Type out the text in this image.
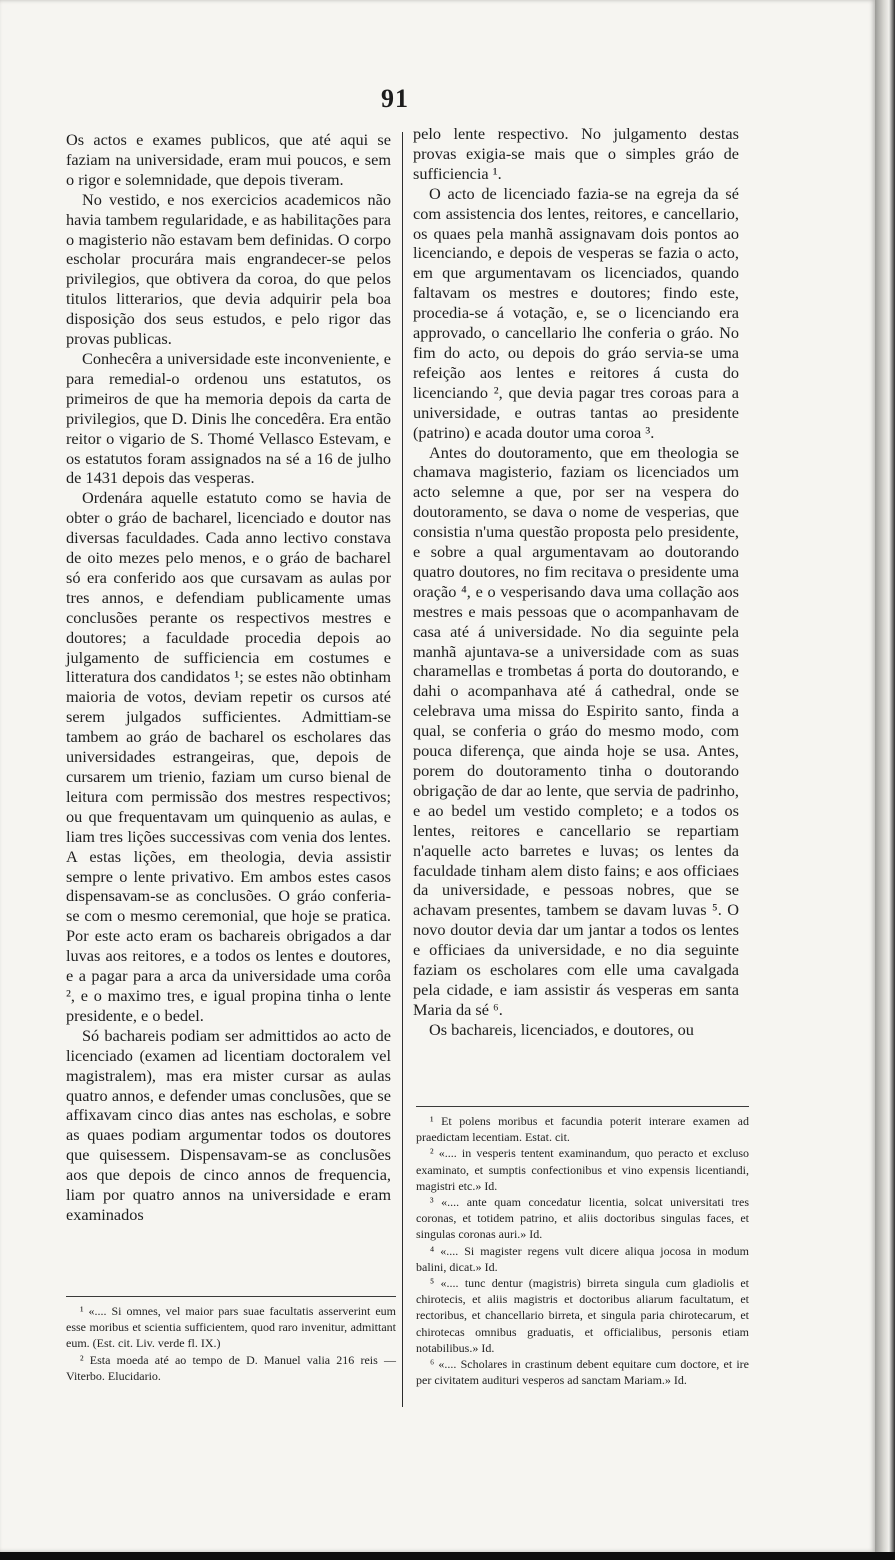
91

Os actos e exames publicos, que até aqui se faziam na universidade, eram mui poucos, e sem o rigor e solemnidade, que depois tiveram.

No vestido, e nos exercicios academicos não havia tambem regularidade, e as habilitações para o magisterio não estavam bem definidas. O corpo escholar procurára mais engrandecer-se pelos privilegios, que obtivera da coroa, do que pelos titulos litterarios, que devia adquirir pela boa disposição dos seus estudos, e pelo rigor das provas publicas.

Conhecêra a universidade este inconveniente, e para remedial-o ordenou uns estatutos, os primeiros de que ha memoria depois da carta de privilegios, que D. Dinis lhe concedêra. Era então reitor o vigario de S. Thomé Vellasco Estevam, e os estatutos foram assignados na sé a 16 de julho de 1431 depois das vesperas.

Ordenára aquelle estatuto como se havia de obter o gráo de bacharel, licenciado e doutor nas diversas faculdades. Cada anno lectivo constava de oito mezes pelo menos, e o gráo de bacharel só era conferido aos que cursavam as aulas por tres annos, e defendiam publicamente umas conclusões perante os respectivos mestres e doutores; a faculdade procedia depois ao julgamento de sufficiencia em costumes e litteratura dos candidatos ¹; se estes não obtinham maioria de votos, deviam repetir os cursos até serem julgados sufficientes. Admittiam-se tambem ao gráo de bacharel os escholares das universidades estrangeiras, que, depois de cursarem um trienio, faziam um curso bienal de leitura com permissão dos mestres respectivos; ou que frequentavam um quinquenio as aulas, e liam tres lições successivas com venia dos lentes. A estas lições, em theologia, devia assistir sempre o lente privativo. Em ambos estes casos dispensavam-se as conclusões. O gráo conferia-se com o mesmo ceremonial, que hoje se pratica. Por este acto eram os bachareis obrigados a dar luvas aos reitores, e a todos os lentes e doutores, e a pagar para a arca da universidade uma corôa ², e o maximo tres, e igual propina tinha o lente presidente, e o bedel.

Só bachareis podiam ser admittidos ao acto de licenciado (examen ad licentiam doctoralem vel magistralem), mas era mister cursar as aulas quatro annos, e defender umas conclusões, que se affixavam cinco dias antes nas escholas, e sobre as quaes podiam argumentar todos os doutores que quisessem. Dispensavam-se as conclusões aos que depois de cinco annos de frequencia, liam por quatro annos na universidade e eram examinados

pelo lente respectivo. No julgamento destas provas exigia-se mais que o simples gráo de sufficiencia ¹.

O acto de licenciado fazia-se na egreja da sé com assistencia dos lentes, reitores, e cancellario, os quaes pela manhã assignavam dois pontos ao licenciando, e depois de vesperas se fazia o acto, em que argumentavam os licenciados, quando faltavam os mestres e doutores; findo este, procedia-se á votação, e, se o licenciando era approvado, o cancellario lhe conferia o gráo. No fim do acto, ou depois do gráo servia-se uma refeição aos lentes e reitores á custa do licenciando ², que devia pagar tres coroas para a universidade, e outras tantas ao presidente (patrino) e acada doutor uma coroa ³.

Antes do doutoramento, que em theologia se chamava magisterio, faziam os licenciados um acto selemne a que, por ser na vespera do doutoramento, se dava o nome de vesperias, que consistia n'uma questão proposta pelo presidente, e sobre a qual argumentavam ao doutorando quatro doutores, no fim recitava o presidente uma oração ⁴, e o vesperisando dava uma collação aos mestres e mais pessoas que o acompanhavam de casa até á universidade. No dia seguinte pela manhã ajuntava-se a universidade com as suas charamellas e trombetas á porta do doutorando, e dahi o acompanhava até á cathedral, onde se celebrava uma missa do Espirito santo, finda a qual, se conferia o gráo do mesmo modo, com pouca diferença, que ainda hoje se usa. Antes, porem do doutoramento tinha o doutorando obrigação de dar ao lente, que servia de padrinho, e ao bedel um vestido completo; e a todos os lentes, reitores e cancellario se repartiam n'aquelle acto barretes e luvas; os lentes da faculdade tinham alem disto fains; e aos officiaes da universidade, e pessoas nobres, que se achavam presentes, tambem se davam luvas ⁵. O novo doutor devia dar um jantar a todos os lentes e officiaes da universidade, e no dia seguinte faziam os escholares com elle uma cavalgada pela cidade, e iam assistir ás vesperas em santa Maria da sé ⁶.

Os bachareis, licenciados, e doutores, ou

¹ «.... Si omnes, vel maior pars suae facultatis asserverint eum esse moribus et scientia sufficientem, quod raro invenitur, admittant eum. (Est. cit. Liv. verde fl. IX.)

² Esta moeda até ao tempo de D. Manuel valia 216 reis — Viterbo. Elucidario.

¹ Et polens moribus et facundia poterit interare examen ad praedictam lecentiam. Estat. cit.

² «.... in vesperis tentent examinandum, quo peracto et excluso examinato, et sumptis confectionibus et vino expensis licentiandi, magistri etc.» Id.

³ «.... ante quam concedatur licentia, solcat universitati tres coronas, et totidem patrino, et aliis doctoribus singulas faces, et singulas coronas auri.» Id.

⁴ «.... Si magister regens vult dicere aliqua jocosa in modum balini, dicat.» Id.

⁵ «.... tunc dentur (magistris) birreta singula cum gladiolis et chirotecis, et aliis magistris et doctoribus aliarum facultatum, et rectoribus, et chancellario birreta, et singula paria chirotecarum, et chirotecas omnibus graduatis, et officialibus, personis etiam notabilibus.» Id.

⁶ «.... Scholares in crastinum debent equitare cum doctore, et ire per civitatem audituri vesperos ad sanctam Mariam.» Id.
